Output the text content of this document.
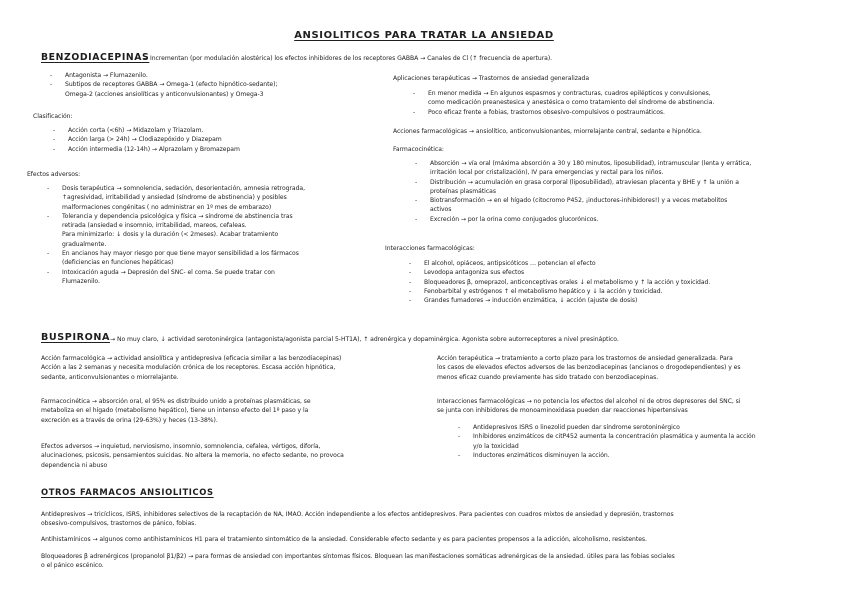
ANSIOLITICOS PARA TRATAR LA ANSIEDAD
BENZODIACEPINAS
→ Incrementan (por modulación alostérica) los efectos inhibidores de los receptores GABBA → Canales de Cl (↑ frecuencia de apertura).
- Antagonista → Flumazenilo.
- Subtipos de receptores GABBA → Omega-1 (efecto hipnótico-sedante);
Omega-2 (acciones ansiolíticas y anticonvulsionantes) y Omega-3
Clasificación:
- Acción corta (<6h) → Midazolam y Triazolam.
- Acción larga (> 24h) → Clodiazepóxido y Diazepam
- Acción intermedia (12-14h) → Alprazolam y Bromazepam
Efectos adversos:
- Dosis terapéutica → somnolencia, sedación, desorientación, amnesia retrograda,
↑agresividad, irritabilidad y ansiedad (síndrome de abstinencia) y posibles
malformaciones congénitas ( no administrar en 1º mes de embarazo)
- Tolerancia y dependencia psicológica y física → síndrome de abstinencia tras
retirada (ansiedad e insomnio, irritabilidad, mareos, cefaleas.
Para minimizarlo: ↓ dosis y la duración (< 2meses). Acabar tratamiento
gradualmente.
- En ancianos hay mayor riesgo por que tiene mayor sensibilidad a los fármacos
(deficiencias en funciones hepáticas)
- Intoxicación aguda → Depresión del SNC- el coma. Se puede tratar con
Flumazenilo.
Aplicaciones terapéuticas → Trastornos de ansiedad generalizada
- En menor medida → En algunos espasmos y contracturas, cuadros epilépticos y convulsiones,
como medicación preanestesica y anestésica o como tratamiento del síndrome de abstinencia.
- Poco eficaz frente a fobias, trastornos obsesivo-compulsivos o postraumáticos.
Acciones farmacológicas → ansiolítico, anticonvulsionantes, miorrelajante central, sedante e hipnótica.
Farmacocinética:
- Absorción → vía oral (máxima absorción a 30 y 180 minutos, liposubilidad), intramuscular (lenta y errática,
irritación local por cristalización), IV para emergencias y rectal para los niños.
- Distribución → acumulación en grasa corporal (liposubilidad), atraviesan placenta y BHE y ↑ la unión a
proteínas plasmáticas
- Biotransformación → en el hígado (citocromo P452, ¡inductores-inhibidores!) y a veces metabolitos
activos
- Excreción → por la orina como conjugados glucorónicos.
Interacciones farmacológicas:
- El alcohol, opiáceos, antipsicóticos … potencian el efecto
- Levodopa antagoniza sus efectos
- Bloqueadores β, omeprazol, anticonceptivas orales ↓ el metabolismo y ↑ la acción y toxicidad.
- Fenobarbital y estrógenos ↑ el metabolismo hepático y ↓ la acción y toxicidad.
- Grandes fumadores → inducción enzimática, ↓ acción (ajuste de dosis)
BUSPIRONA → No muy claro, ↓ actividad serotoninérgica (antagonista/agonista parcial 5-HT1A), ↑ adrenérgica y dopaminérgica. Agonista sobre autorreceptores a nivel presináptico.
Acción farmacológica → actividad ansiolítica y antidepresiva (eficacia similar a las benzodiacepinas)
Acción a las 2 semanas y necesita modulación crónica de los receptores. Escasa acción hipnótica,
sedante, anticonvulsionantes o miorrelajante.
Farmacocinética → absorción oral, el 95% es distribuido unido a proteínas plasmáticas, se
metaboliza en el hígado (metabolismo hepático), tiene un intenso efecto del 1º paso y la
excreción es a través de orina (29-63%) y heces (13-38%).
Efectos adversos → inquietud, nerviosismo, insomnio, somnolencia, cefalea, vértigos, diforía,
alucinaciones, psicosis, pensamientos suicidas. No altera la memoria, no efecto sedante, no provoca
dependencia ni abuso
Acción terapéutica → tratamiento a corto plazo para los trastornos de ansiedad generalizada. Para
los casos de elevados efectos adversos de las benzodiacepinas (ancianos o drogodependientes) y es
menos eficaz cuando previamente has sido tratado con benzodiacepinas.
Interacciones farmacológicas → no potencia los efectos del alcohol ni de otros depresores del SNC, si
se junta con inhibidores de monoaminoxidasa pueden dar reacciones hipertensivas
- Antidepresivos ISRS o linezolid pueden dar síndrome serotoninérgico
- Inhibidores enzimáticos de citP452 aumenta la concentración plasmática y aumenta la acción
y/o la toxicidad
- Inductores enzimáticos disminuyen la acción.
OTROS FARMACOS ANSIOLITICOS
Antidepresivos → tricíclicos, ISRS, inhibidores selectivos de la recaptación de NA, IMAO. Acción independiente a los efectos antidepresivos. Para pacientes con cuadros mixtos de ansiedad y depresión, trastornos
obsesivo-compulsivos, trastornos de pánico, fobias.
Antihistamínicos → algunos como antihistamínicos H1 para el tratamiento sintomático de la ansiedad. Considerable efecto sedante y es para pacientes propensos a la adicción, alcoholismo, resistentes.
Bloqueadores β adrenérgicos (propanolol β1/β2) → para formas de ansiedad con importantes síntomas físicos. Bloquean las manifestaciones somáticas adrenérgicas de la ansiedad. útiles para las fobias sociales
o el pánico escénico.
